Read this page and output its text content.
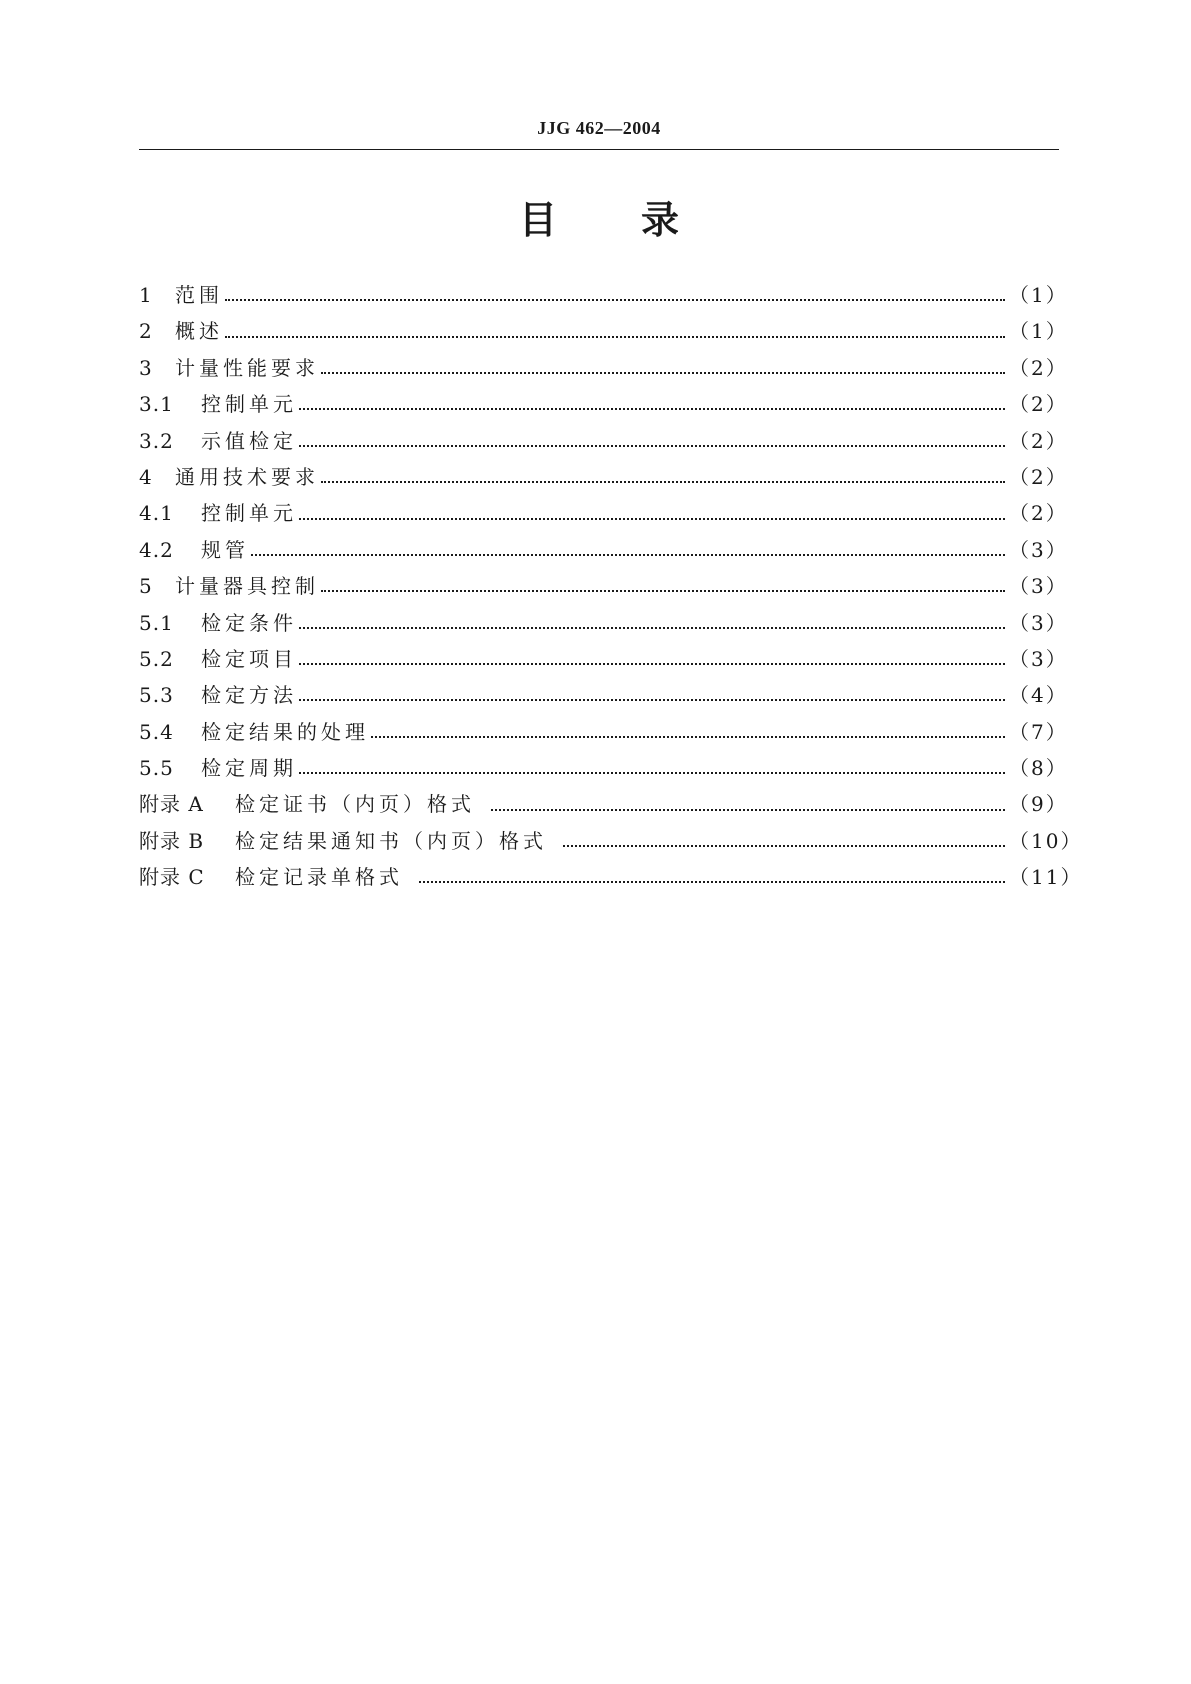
JJG 462—2004
目 录
1	范围	（1）
2	概述	（1）
3	计量性能要求	（2）
3.1	控制单元	（2）
3.2	示值检定	（2）
4	通用技术要求	（2）
4.1	控制单元	（2）
4.2	规管	（3）
5	计量器具控制	（3）
5.1	检定条件	（3）
5.2	检定项目	（3）
5.3	检定方法	（4）
5.4	检定结果的处理	（7）
5.5	检定周期	（8）
附录 A	检定证书（内页）格式	（9）
附录 B	检定结果通知书（内页）格式	（10）
附录 C	检定记录单格式	（11）
